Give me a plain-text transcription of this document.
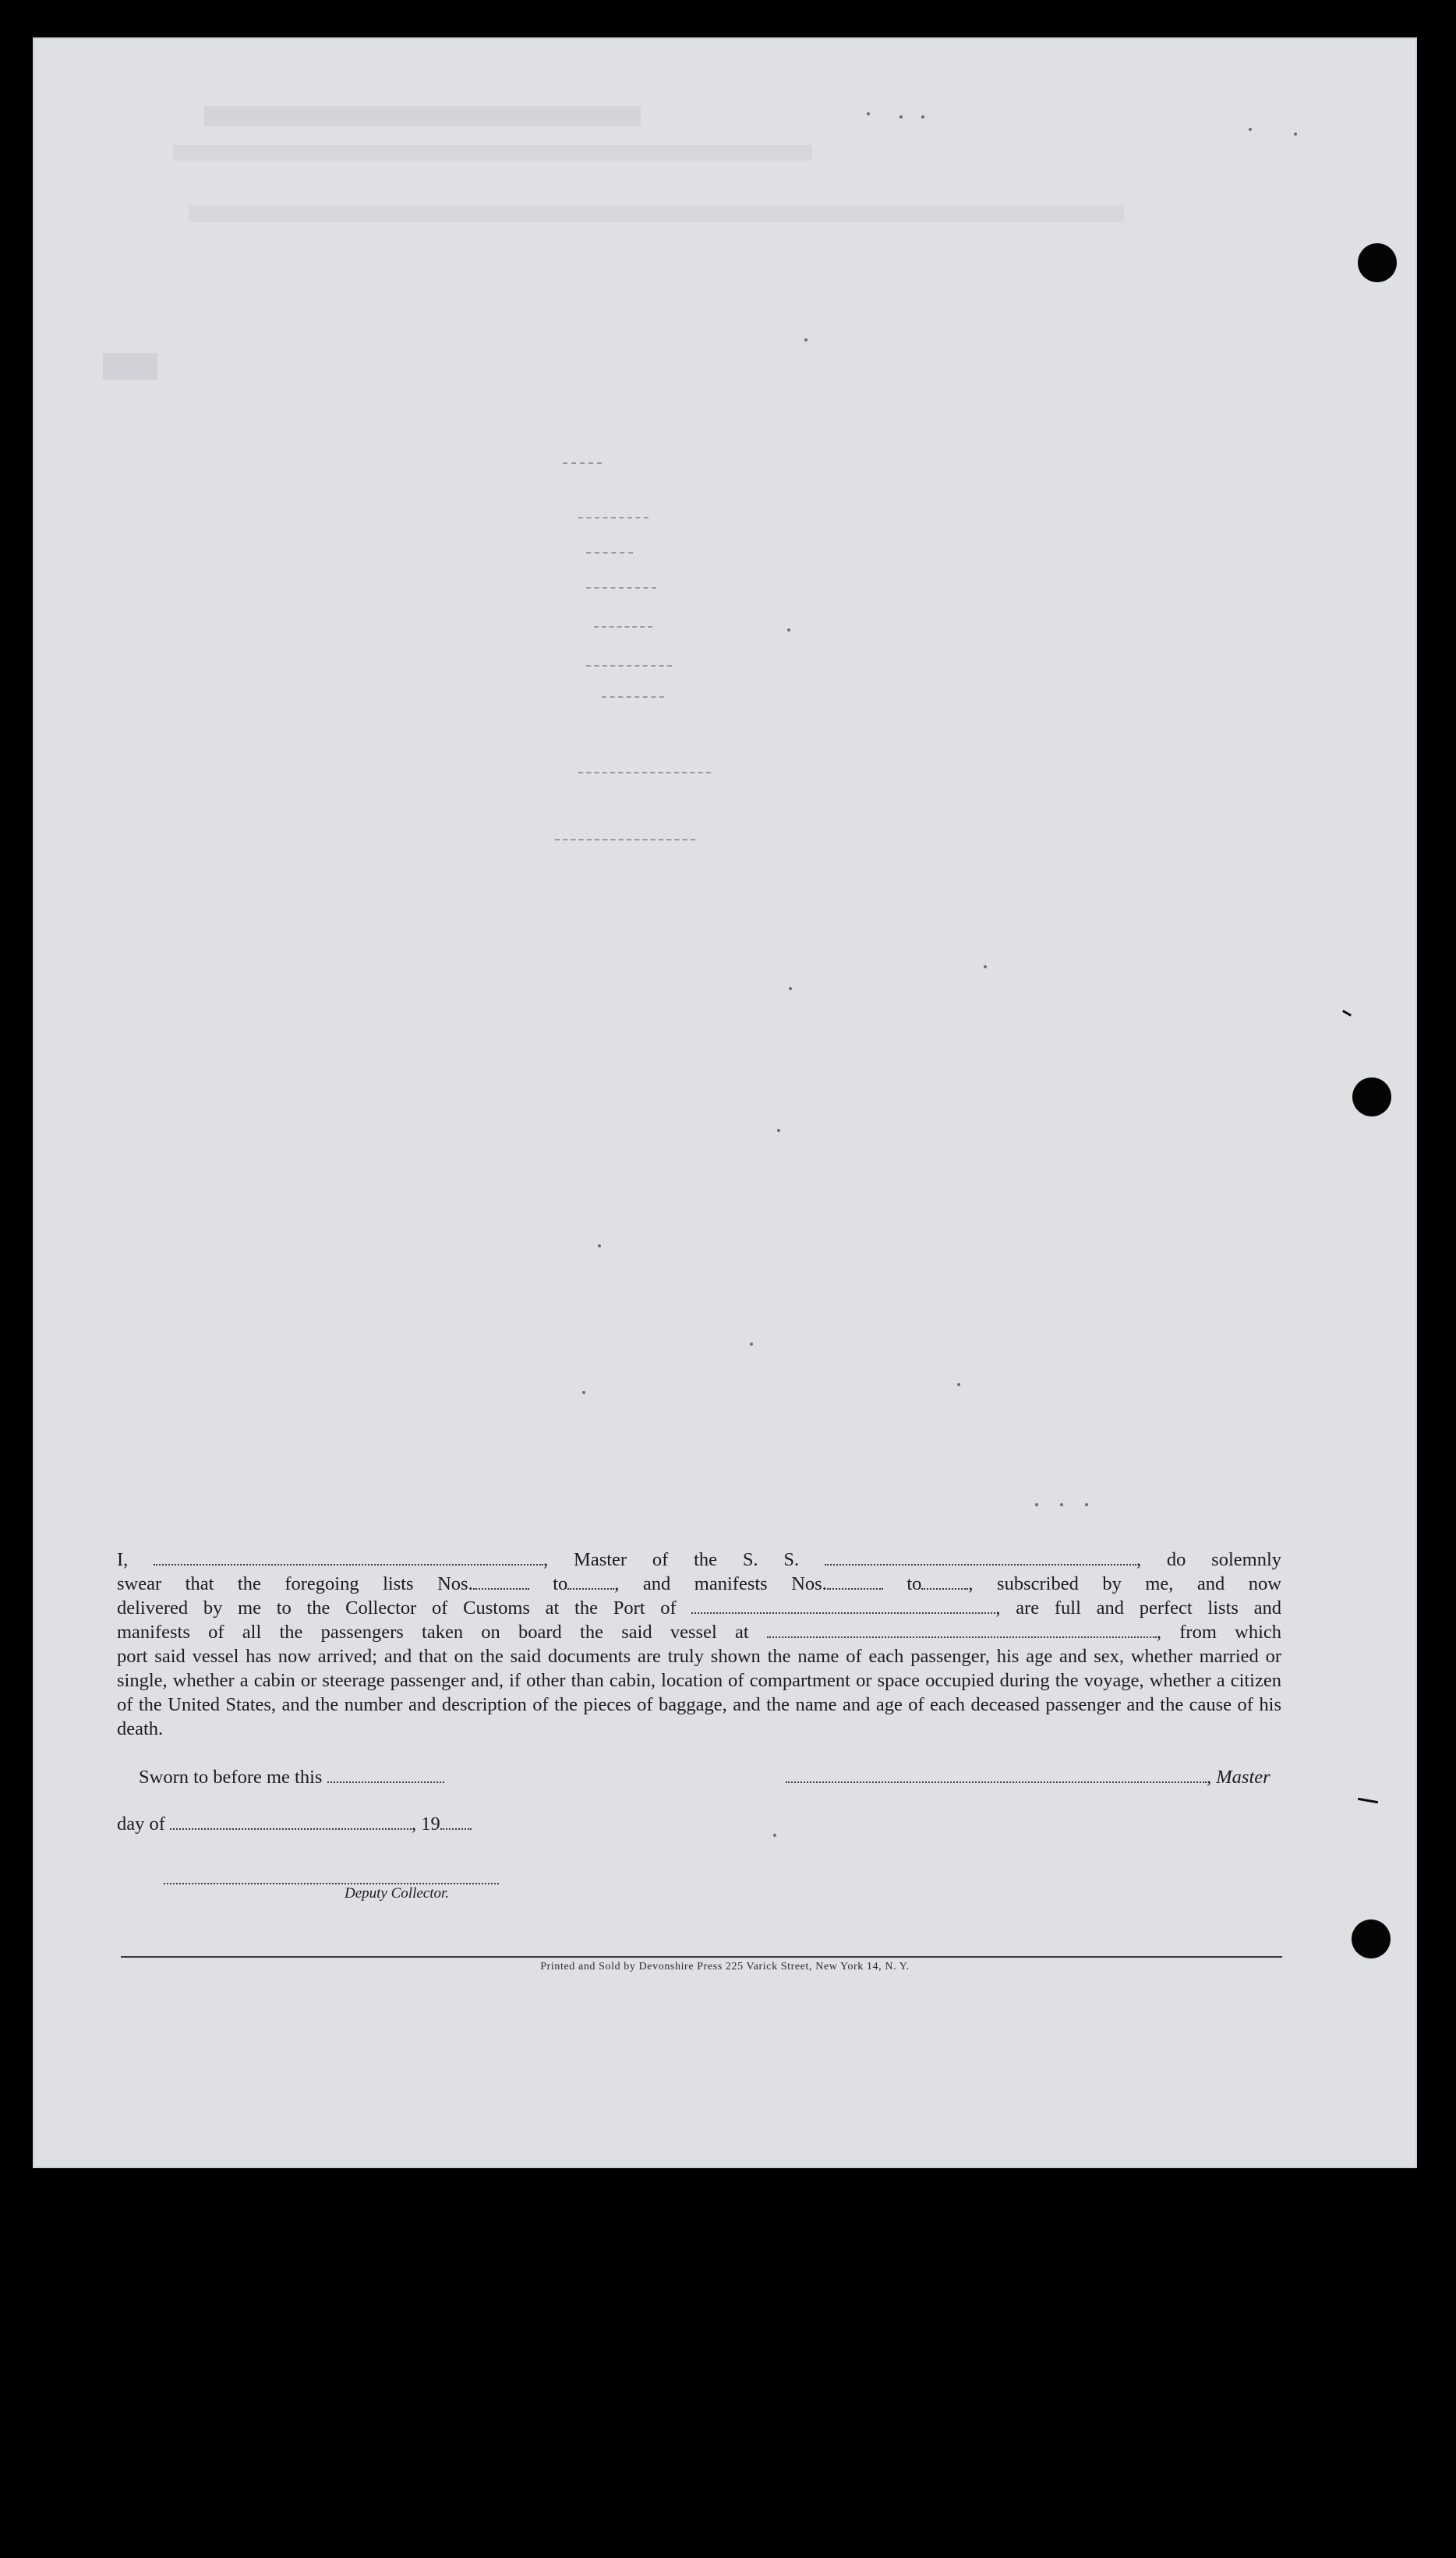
I,	, Master of the S. S.	, do solemnly

swear that the foregoing lists Nos.	to , and manifests Nos.	to , subscribed by me, and now

delivered by me to the Collector of Customs at the Port of	, are full and perfect lists and

manifests of all the passengers taken on board the said vessel at	, from which

port said vessel has now arrived; and that on the said documents are truly shown the name of each passenger, his age and sex, whether married or single, whether a cabin or steerage passenger and, if other than cabin, location of compartment or space occupied during the voyage, whether a citizen of the United States, and the number and description of the pieces of baggage, and the name and age of each deceased passenger and the cause of his death.

Sworn to before me this	, Master
day of	, 19
Deputy Collector.
Printed and Sold by Devonshire Press 225 Varick Street, New York 14, N. Y.
